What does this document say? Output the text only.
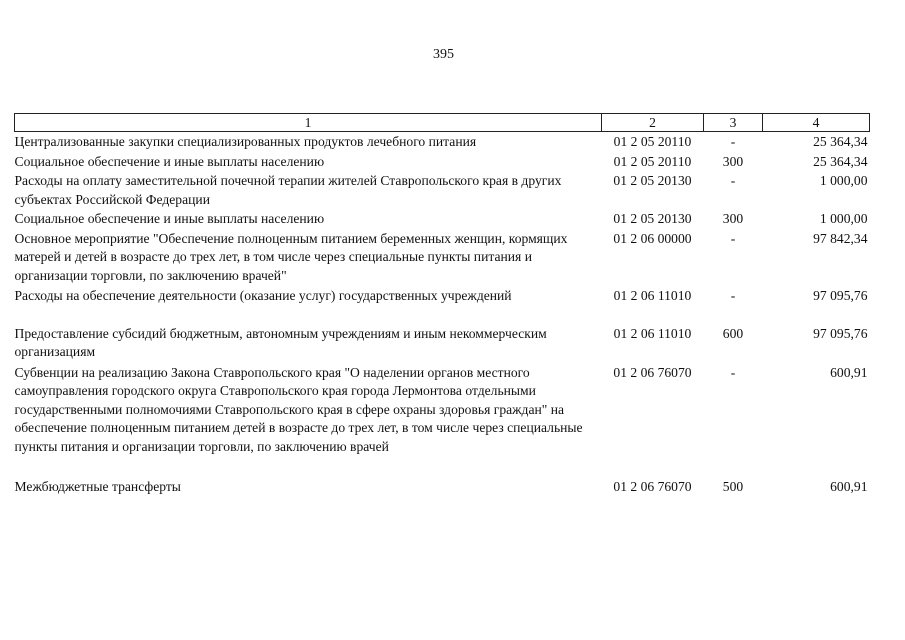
395
1	2	3	4
Централизованные закупки специализированных продуктов лечебного питания	01 2 05 20110	-	25 364,34
Социальное обеспечение и иные выплаты населению	01 2 05 20110	300	25 364,34
Расходы на оплату заместительной почечной терапии жителей Ставропольского края в других субъектах Российской Федерации	01 2 05 20130	-	1 000,00
Социальное обеспечение и иные выплаты населению	01 2 05 20130	300	1 000,00
Основное мероприятие "Обеспечение полноценным питанием беременных женщин, кормящих матерей и детей в возрасте до трех лет, в том числе через специальные пункты питания и организации торговли, по заключению врачей"	01 2 06 00000	-	97 842,34
Расходы на обеспечение деятельности (оказание услуг) государственных учреждений	01 2 06 11010	-	97 095,76
Предоставление субсидий бюджетным, автономным учреждениям и иным некоммерческим организациям	01 2 06 11010	600	97 095,76
Субвенции на реализацию Закона Ставропольского края "О наделении органов местного самоуправления городского округа Ставропольского края города Лермонтова отдельными государственными полномочиями Ставропольского края в сфере охраны здоровья граждан" на обеспечение полноценным питанием детей в возрасте до трех лет, в том числе через специальные пункты питания и организации торговли, по заключению врачей	01 2 06 76070	-	600,91
Межбюджетные трансферты	01 2 06 76070	500	600,91
